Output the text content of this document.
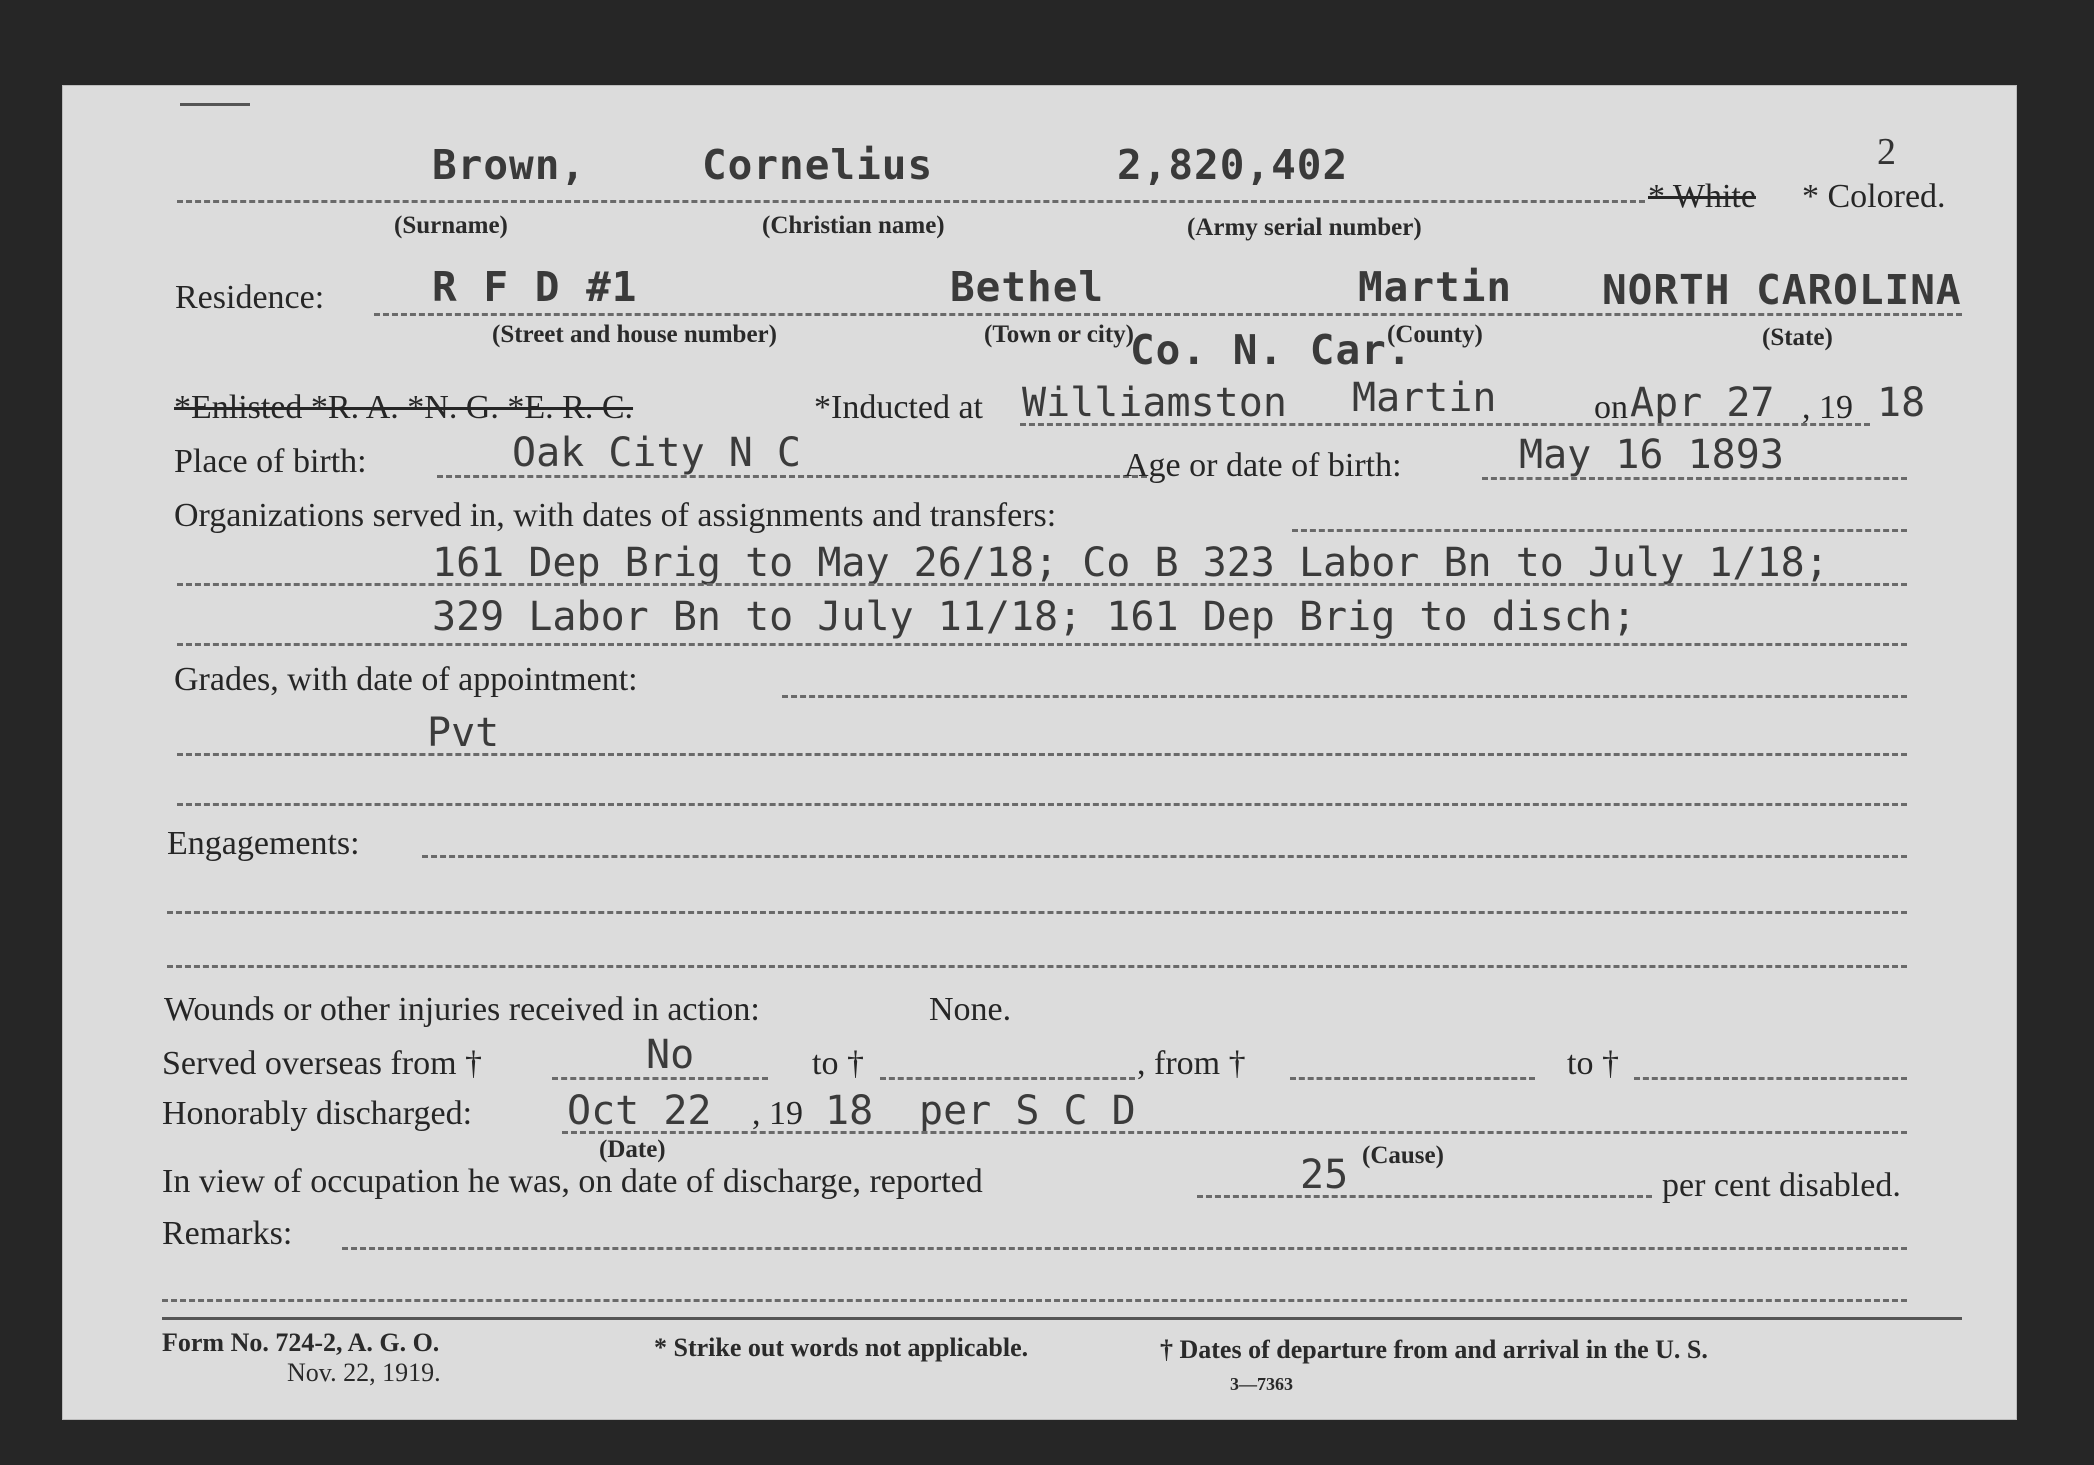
2
Brown,	Cornelius	2,820,402
* White	* Colored.
(Surname)	(Christian name)	(Army serial number)
Residence:	R F D #1	Bethel	Martin NORTH CAROLINA
(Street and house number)	(Town or city)	(County)	(State)
Co. N. Car.
*Enlisted *R. A. *N. G. *E. R. C.	*Inducted at Williamston Martin	on Apr 27 , 19 18
Place of birth:	Oak City N C	Age or date of birth:	May 16 1893
Organizations served in, with dates of assignments and transfers:
161 Dep Brig to May 26/18; Co B 323 Labor Bn to July 1/18;
329 Labor Bn to July 11/18; 161 Dep Brig to disch;
Grades, with date of appointment:
Pvt
Engagements:
Wounds or other injuries received in action:	None.
Served overseas from †	No	to †	, from †	to †
Honorably discharged: Oct 22 , 19 18 per S C D
(Date)	(Cause)
In view of occupation he was, on date of discharge, reported	25	per cent disabled.
Remarks:
Form No. 724-2, A. G. O.
Nov. 22, 1919.
* Strike out words not applicable.	† Dates of departure from and arrival in the U. S.
3—7363
